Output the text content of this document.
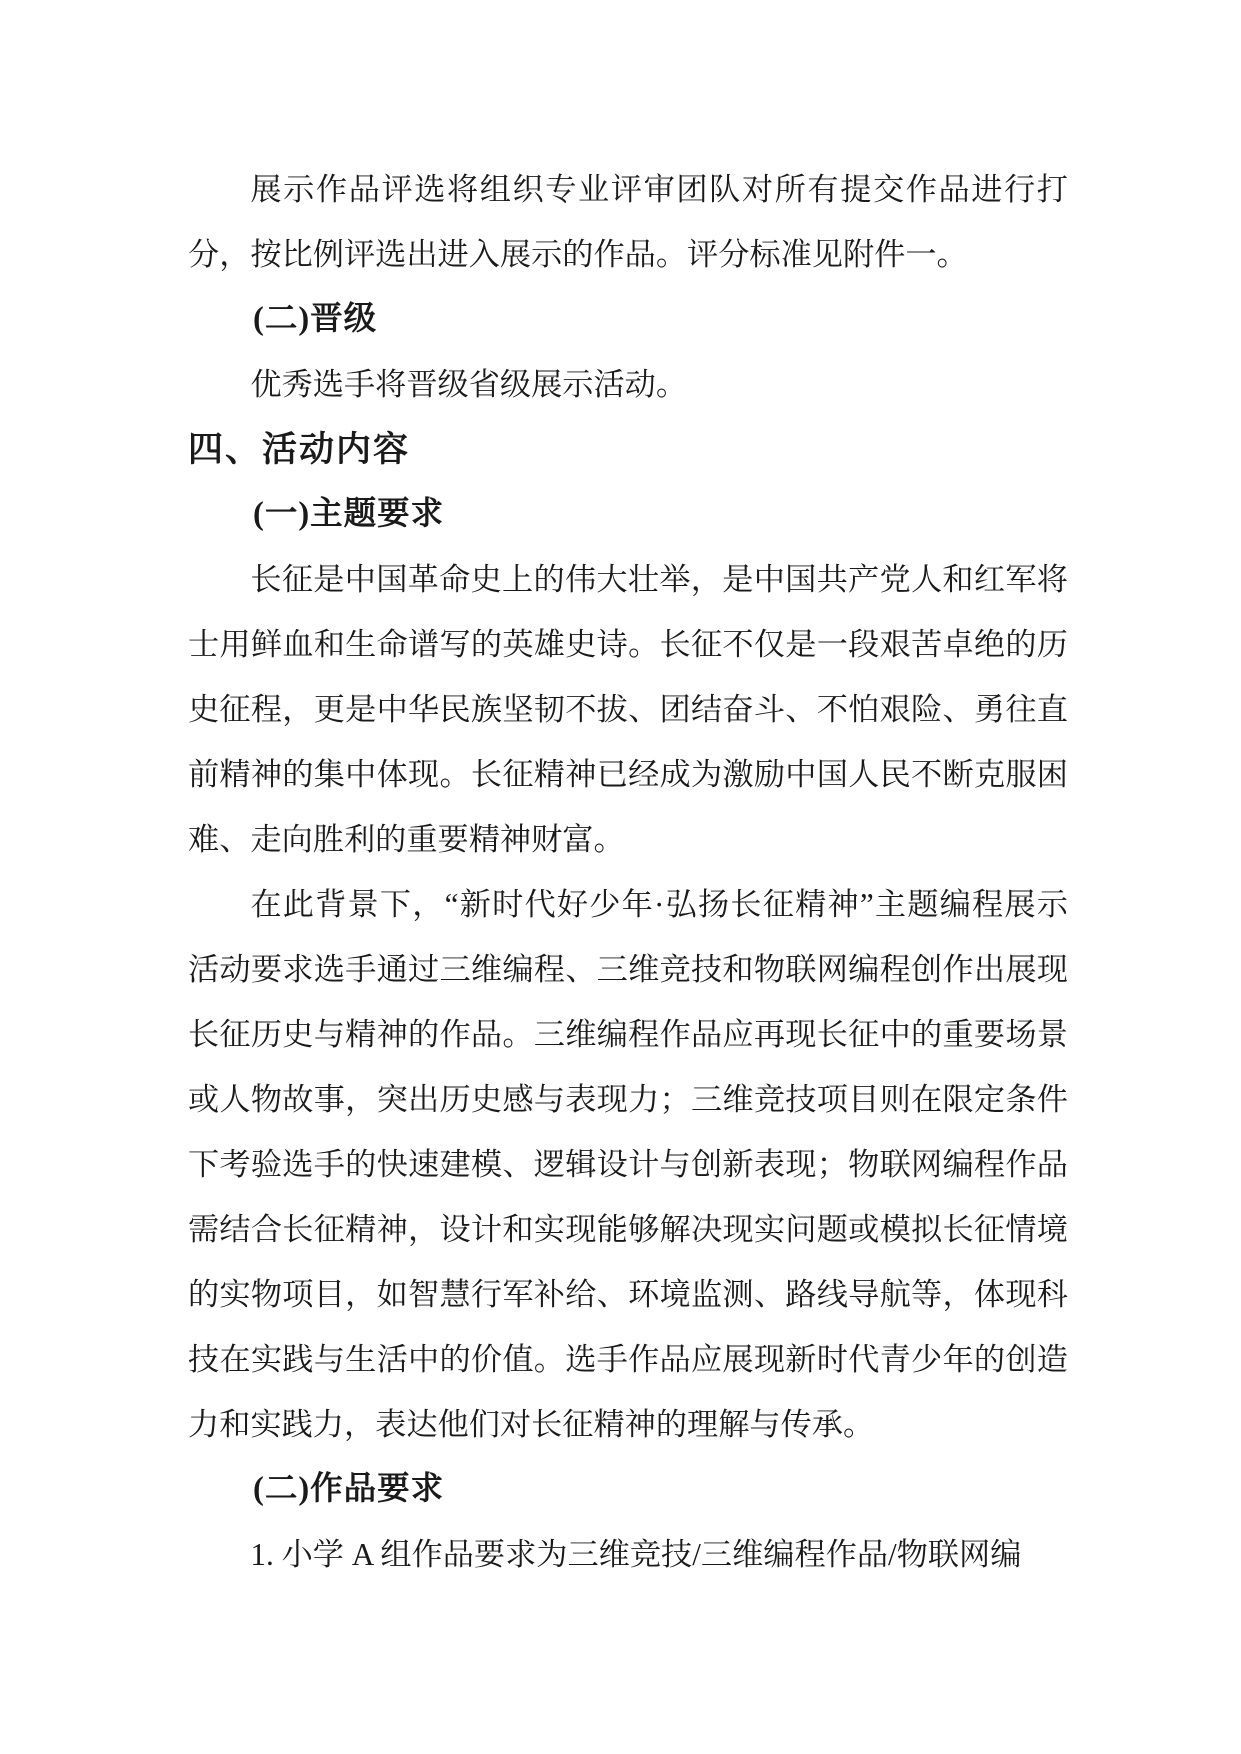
展示作品评选将组织专业评审团队对所有提交作品进行打分，按比例评选出进入展示的作品。评分标准见附件一。
(二)晋级
优秀选手将晋级省级展示活动。
四、活动内容
(一)主题要求
长征是中国革命史上的伟大壮举，是中国共产党人和红军将士用鲜血和生命谱写的英雄史诗。长征不仅是一段艰苦卓绝的历史征程，更是中华民族坚韧不拔、团结奋斗、不怕艰险、勇往直前精神的集中体现。长征精神已经成为激励中国人民不断克服困难、走向胜利的重要精神财富。
在此背景下，“新时代好少年·弘扬长征精神”主题编程展示活动要求选手通过三维编程、三维竞技和物联网编程创作出展现长征历史与精神的作品。三维编程作品应再现长征中的重要场景或人物故事，突出历史感与表现力；三维竞技项目则在限定条件下考验选手的快速建模、逻辑设计与创新表现；物联网编程作品需结合长征精神，设计和实现能够解决现实问题或模拟长征情境的实物项目，如智慧行军补给、环境监测、路线导航等，体现科技在实践与生活中的价值。选手作品应展现新时代青少年的创造力和实践力，表达他们对长征精神的理解与传承。
(二)作品要求
1. 小学 A 组作品要求为三维竞技/三维编程作品/物联网编
